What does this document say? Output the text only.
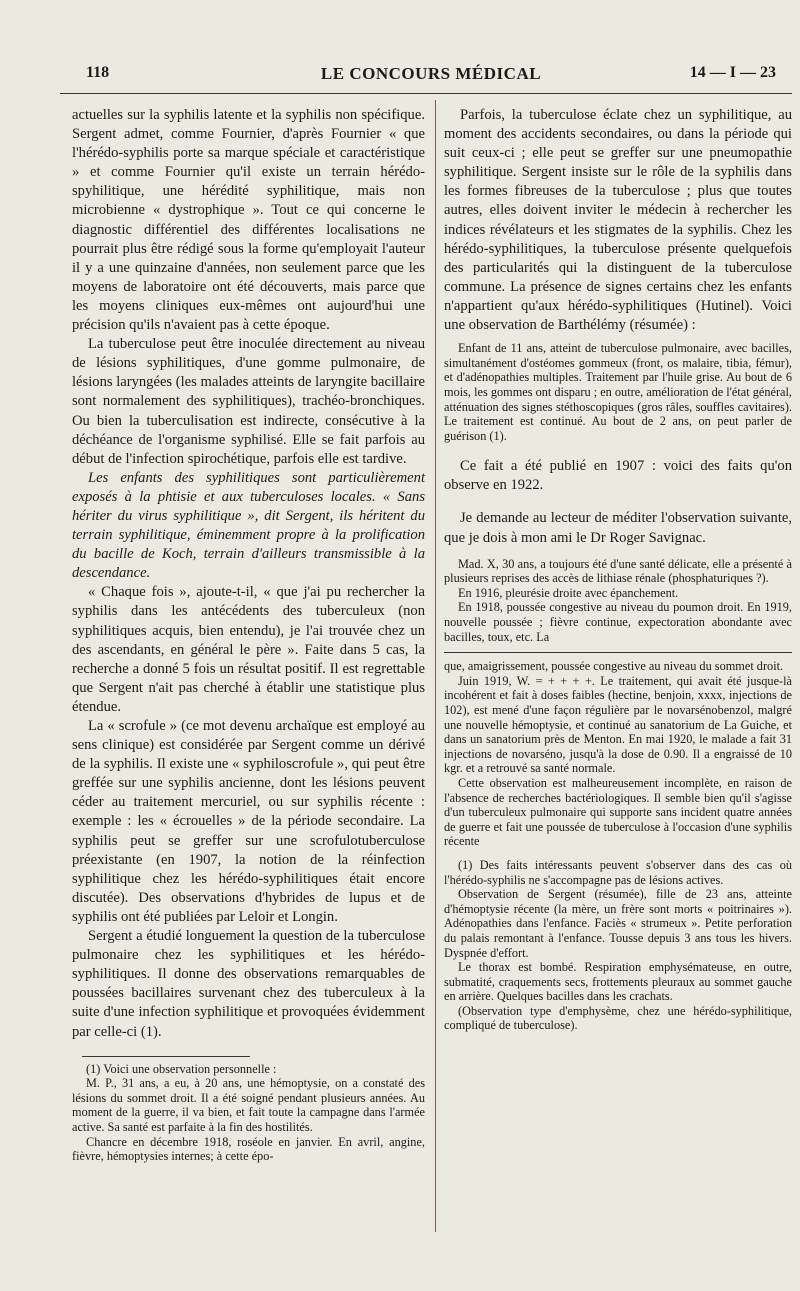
118	LE CONCOURS MÉDICAL	14 — I — 23

actuelles sur la syphilis latente et la syphilis non spécifique. Sergent admet, comme Fournier, d'après Fournier « que l'hérédo-syphilis porte sa marque spéciale et caractéristique » et comme Fournier qu'il existe un terrain hérédo-spyhilitique, une hérédité syphilitique, mais non microbienne « dystrophique ». Tout ce qui concerne le diagnostic différentiel des différentes localisations ne pourrait plus être rédigé sous la forme qu'employait l'auteur il y a une quinzaine d'années, non seulement parce que les moyens de laboratoire ont été découverts, mais parce que les moyens cliniques eux-mêmes ont aujourd'hui une précision qu'ils n'avaient pas à cette époque.

La tuberculose peut être inoculée directement au niveau de lésions syphilitiques, d'une gomme pulmonaire, de lésions laryngées (les malades atteints de laryngite bacillaire sont normalement des syphilitiques), trachéo-bronchiques. Ou bien la tuberculisation est indirecte, consécutive à la déchéance de l'organisme syphilisé. Elle se fait parfois au début de l'infection spirochétique, parfois elle est tardive.

Les enfants des syphilitiques sont particulièrement exposés à la phtisie et aux tuberculoses locales. « Sans hériter du virus syphilitique », dit Sergent, ils héritent du terrain syphilitique, éminemment propre à la prolification du bacille de Koch, terrain d'ailleurs transmissible à la descendance.

« Chaque fois », ajoute-t-il, « que j'ai pu rechercher la syphilis dans les antécédents des tuberculeux (non syphilitiques acquis, bien entendu), je l'ai trouvée chez un des ascendants, en général le père ». Faite dans 5 cas, la recherche a donné 5 fois un résultat positif. Il est regrettable que Sergent n'ait pas cherché à établir une statistique plus étendue.

La « scrofule » (ce mot devenu archaïque est employé au sens clinique) est considérée par Sergent comme un dérivé de la syphilis. Il existe une « syphiloscrofule », qui peut être greffée sur une syphilis ancienne, dont les lésions peuvent céder au traitement mercuriel, ou sur syphilis récente : exemple : les « écrouelles » de la période secondaire. La syphilis peut se greffer sur une scrofulotuberculose préexistante (en 1907, la notion de la réinfection syphilitique chez les hérédo-syphilitiques était encore discutée). Des observations d'hybrides de lupus et de syphilis ont été publiées par Leloir et Longin.

Sergent a étudié longuement la question de la tuberculose pulmonaire chez les syphilitiques et les hérédo-syphilitiques. Il donne des observations remarquables de poussées bacillaires survenant chez des tuberculeux à la suite d'une infection syphilitique et provoquées évidemment par celle-ci (1).

(1) Voici une observation personnelle :

M. P., 31 ans, a eu, à 20 ans, une hémoptysie, on a constaté des lésions du sommet droit. Il a été soigné pendant plusieurs années. Au moment de la guerre, il va bien, et fait toute la campagne dans l'armée active. Sa santé est parfaite à la fin des hostilités.

Chancre en décembre 1918, roséole en janvier. En avril, angine, fièvre, hémoptysies internes; à cette épo-

Parfois, la tuberculose éclate chez un syphilitique, au moment des accidents secondaires, ou dans la période qui suit ceux-ci ; elle peut se greffer sur une pneumopathie syphilitique. Sergent insiste sur le rôle de la syphilis dans les formes fibreuses de la tuberculose ; plus que toutes autres, elles doivent inviter le médecin à rechercher les indices révélateurs et les stigmates de la syphilis. Chez les hérédo-syphilitiques, la tuberculose présente quelquefois des particularités qui la distinguent de la tuberculose commune. La présence de signes certains chez les enfants n'appartient qu'aux hérédo-syphilitiques (Hutinel). Voici une observation de Barthélémy (résumée) :

Enfant de 11 ans, atteint de tuberculose pulmonaire, avec bacilles, simultanément d'ostéomes gommeux (front, os malaire, tibia, fémur), et d'adénopathies multiples. Traitement par l'huile grise. Au bout de 6 mois, les gommes ont disparu ; en outre, amélioration de l'état général, atténuation des signes stéthoscopiques (gros râles, souffles cavitaires). Le traitement est continué. Au bout de 2 ans, on peut parler de guérison (1).

Ce fait a été publié en 1907 : voici des faits qu'on observe en 1922.

Je demande au lecteur de méditer l'observation suivante, que je dois à mon ami le Dr Roger Savignac.

Mad. X, 30 ans, a toujours été d'une santé délicate, elle a présenté à plusieurs reprises des accès de lithiase rénale (phosphaturiques ?).

En 1916, pleurésie droite avec épanchement.

En 1918, poussée congestive au niveau du poumon droit. En 1919, nouvelle poussée ; fièvre continue, expectoration abondante avec bacilles, toux, etc. La

que, amaigrissement, poussée congestive au niveau du sommet droit.

Juin 1919, W. = + + + +. Le traitement, qui avait été jusque-là incohérent et fait à doses faibles (hectine, benjoin, xxxx, injections de 102), est mené d'une façon régulière par le novarsénobenzol, malgré une nouvelle hémoptysie, et continué au sanatorium de La Guiche, et dans un sanatorium près de Menton. En mai 1920, le malade a fait 31 injections de novarséno, jusqu'à la dose de 0.90. Il a engraissé de 10 kgr. et a retrouvé sa santé normale.

Cette observation est malheureusement incomplète, en raison de l'absence de recherches bactériologiques. Il semble bien qu'il s'agisse d'un tuberculeux pulmonaire qui supporte sans incident quatre années de guerre et fait une poussée de tuberculose à l'occasion d'une syphilis récente

(1) Des faits intéressants peuvent s'observer dans des cas où l'hérédo-syphilis ne s'accompagne pas de lésions actives.

Observation de Sergent (résumée), fille de 23 ans, atteinte d'hémoptysie récente (la mère, un frère sont morts « poitrinaires »). Adénopathies dans l'enfance. Faciès « strumeux ». Petite perforation du palais remontant à l'enfance. Tousse depuis 3 ans tous les hivers. Dyspnée d'effort.

Le thorax est bombé. Respiration emphysémateuse, en outre, submatité, craquements secs, frottements pleuraux au sommet gauche en arrière. Quelques bacilles dans les crachats.

(Observation type d'emphysème, chez une hérédo-syphilitique, compliqué de tuberculose).
